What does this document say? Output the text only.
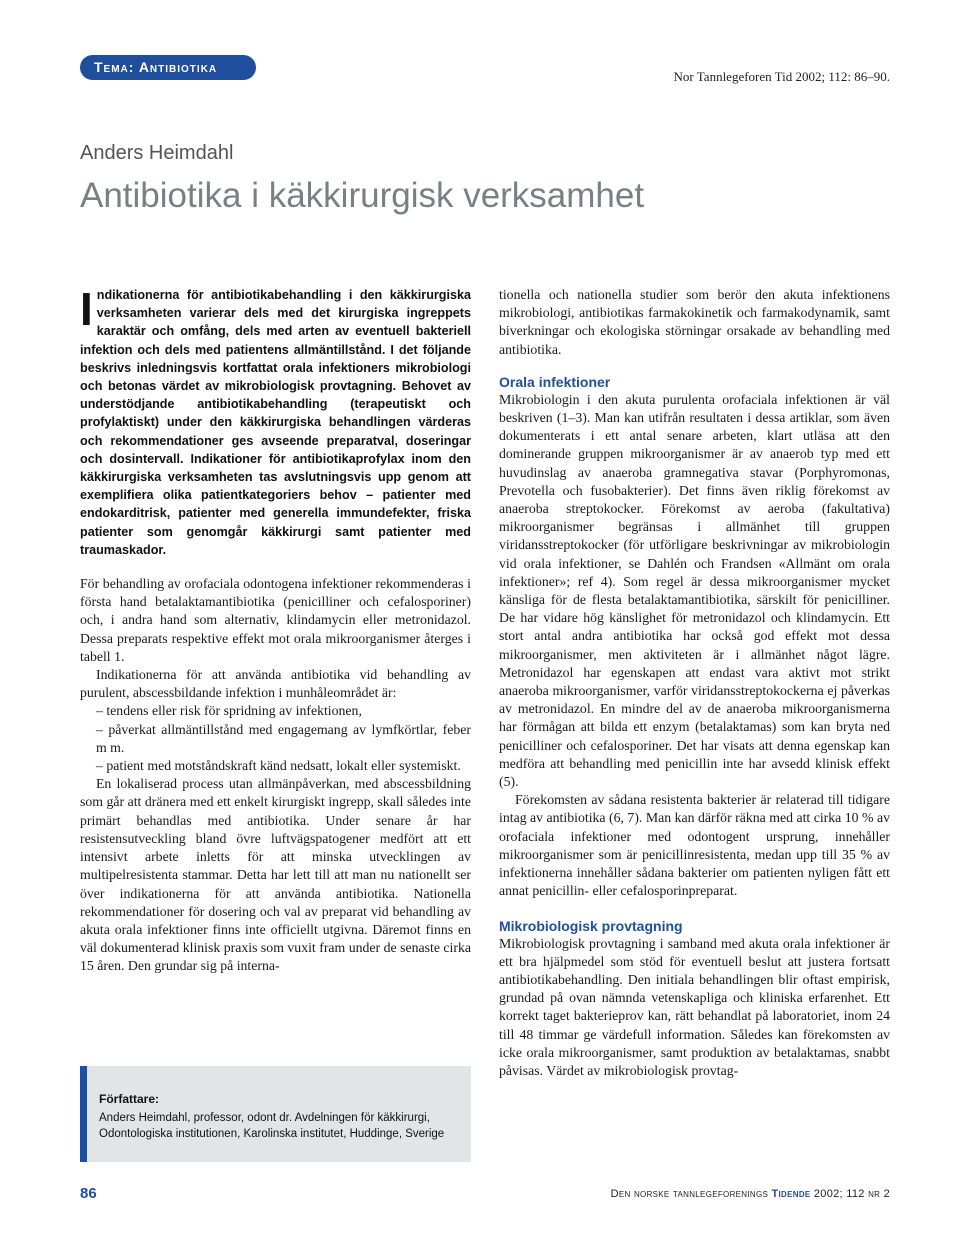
Tema: Antibiotika
Nor Tannlegeforen Tid 2002; 112: 86–90.
Anders Heimdahl
Antibiotika i käkkirurgisk verksamhet

I ndikationerna för antibiotikabehandling i den käkkirurgiska verksamheten varierar dels med det kirurgiska ingreppets karaktär och omfång, dels med arten av eventuell bakteriell infektion och dels med patientens allmäntillstånd. I det följande beskrivs inledningsvis kortfattat orala infektioners mikrobiologi och betonas värdet av mikrobiologisk provtagning. Behovet av understödjande antibiotikabehandling (terapeutiskt och profylaktiskt) under den käkkirurgiska behandlingen värderas och rekommendationer ges avseende preparatval, doseringar och dosintervall. Indikationer för antibiotikaprofylax inom den käkkirurgiska verksamheten tas avslutningsvis upp genom att exemplifiera olika patientkategoriers behov – patienter med endokarditrisk, patienter med generella immundefekter, friska patienter som genomgår käkkirurgi samt patienter med traumaskador.

För behandling av orofaciala odontogena infektioner rekommenderas i första hand betalaktamantibiotika (penicilliner och cefalosporiner) och, i andra hand som alternativ, klindamycin eller metronidazol. Dessa preparats respektive effekt mot orala mikroorganismer återges i tabell 1.

Indikationerna för att använda antibiotika vid behandling av purulent, abscessbildande infektion i munhåleområdet är:

– tendens eller risk för spridning av infektionen,

– påverkat allmäntillstånd med engagemang av lymfkörtlar, feber m m.

– patient med motståndskraft känd nedsatt, lokalt eller systemiskt.

En lokaliserad process utan allmänpåverkan, med abscessbildning som går att dränera med ett enkelt kirurgiskt ingrepp, skall således inte primärt behandlas med antibiotika. Under senare år har resistensutveckling bland övre luftvägspatogener medfört att ett intensivt arbete inletts för att minska utvecklingen av multipelresistenta stammar. Detta har lett till att man nu nationellt ser över indikationerna för att använda antibiotika. Nationella rekommendationer för dosering och val av preparat vid behandling av akuta orala infektioner finns inte officiellt utgivna. Däremot finns en väl dokumenterad klinisk praxis som vuxit fram under de senaste cirka 15 åren. Den grundar sig på interna-

Författare:
Anders Heimdahl, professor, odont dr. Avdelningen för käkkirurgi,
Odontologiska institutionen, Karolinska institutet, Huddinge, Sverige

tionella och nationella studier som berör den akuta infektionens mikrobiologi, antibiotikas farmakokinetik och farmakodynamik, samt biverkningar och ekologiska störningar orsakade av behandling med antibiotika.

Orala infektioner

Mikrobiologin i den akuta purulenta orofaciala infektionen är väl beskriven (1–3). Man kan utifrån resultaten i dessa artiklar, som även dokumenterats i ett antal senare arbeten, klart utläsa att den dominerande gruppen mikroorganismer är av anaerob typ med ett huvudinslag av anaeroba gramnegativa stavar (Porphyromonas, Prevotella och fusobakterier). Det finns även riklig förekomst av anaeroba streptokocker. Förekomst av aeroba (fakultativa) mikroorganismer begränsas i allmänhet till gruppen viridansstreptokocker (för utförligare beskrivningar av mikrobiologin vid orala infektioner, se Dahlén och Frandsen «Allmänt om orala infektioner»; ref 4). Som regel är dessa mikroorganismer mycket känsliga för de flesta betalaktamantibiotika, särskilt för penicilliner. De har vidare hög känslighet för metronidazol och klindamycin. Ett stort antal andra antibiotika har också god effekt mot dessa mikroorganismer, men aktiviteten är i allmänhet något lägre. Metronidazol har egenskapen att endast vara aktivt mot strikt anaeroba mikroorganismer, varför viridansstreptokockerna ej påverkas av metronidazol. En mindre del av de anaeroba mikroorganismerna har förmågan att bilda ett enzym (betalaktamas) som kan bryta ned penicilliner och cefalosporiner. Det har visats att denna egenskap kan medföra att behandling med penicillin inte har avsedd klinisk effekt (5).

Förekomsten av sådana resistenta bakterier är relaterad till tidigare intag av antibiotika (6, 7). Man kan därför räkna med att cirka 10 % av orofaciala infektioner med odontogent ursprung, innehåller mikroorganismer som är penicillinresistenta, medan upp till 35 % av infektionerna innehåller sådana bakterier om patienten nyligen fått ett annat penicillin- eller cefalosporinpreparat.

Mikrobiologisk provtagning

Mikrobiologisk provtagning i samband med akuta orala infektioner är ett bra hjälpmedel som stöd för eventuell beslut att justera fortsatt antibiotikabehandling. Den initiala behandlingen blir oftast empirisk, grundad på ovan nämnda vetenskapliga och kliniska erfarenhet. Ett korrekt taget bakterieprov kan, rätt behandlat på laboratoriet, inom 24 till 48 timmar ge värdefull information. Således kan förekomsten av icke orala mikroorganismer, samt produktion av betalaktamas, snabbt påvisas. Värdet av mikrobiologisk provtag-

86	Den norske tannlegeforenings Tidende 2002; 112 nr 2
